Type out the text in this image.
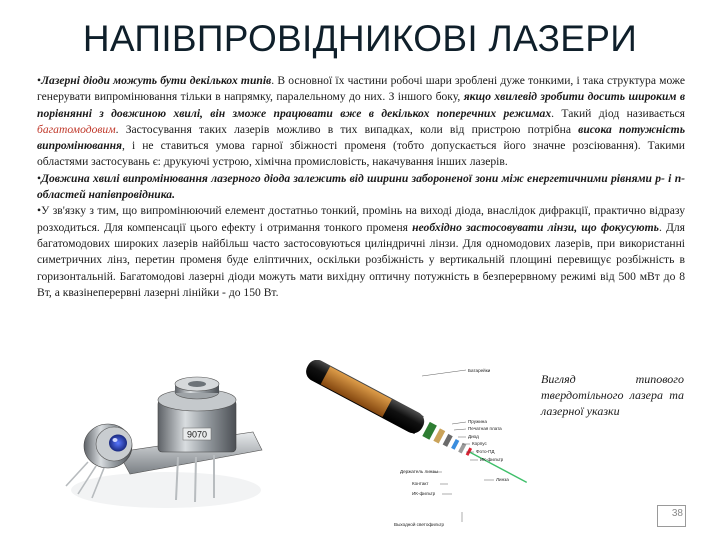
НАПІВПРОВІДНИКОВІ ЛАЗЕРИ

•Лазерні діоди можуть бути декількох типів. В основної їх частини робочі шари зроблені дуже тонкими, і така структура може генерувати випромінювання тільки в напрямку, паралельному до них. З іншого боку, якщо хвилевід зробити досить широким в порівнянні з довжиною хвилі, він зможе працювати вже в декількох поперечних режимах. Такий діод називається багатомодовим. Застосування таких лазерів можливо в тих випадках, коли від пристрою потрібна висока потужність випромінювання, і не ставиться умова гарної збіжності променя (тобто допускається його значне розсіювання). Такими областями застосувань є: друкуючі устрою, хімічна промисловість, накачування інших лазерів.

•Довжина хвилі випромінювання лазерного діода залежить від ширини забороненої зони між енергетичними рівнями p- і n-областей напівпровідника.

•У зв'язку з тим, що випромінюючий елемент достатньо тонкий, промінь на виході діода, внаслідок дифракції, практично відразу розходиться. Для компенсації цього ефекту і отримання тонкого променя необхідно застосовувати лінзи, що фокусують. Для багатомодових широких лазерів найбільш часто застосовуються циліндричні лінзи. Для одномодових лазерів, при використанні симетричних лінз, перетин променя буде еліптичних, оскільки розбіжність у вертикальній площині перевищує розбіжність в горизонтальній. Багатомодові лазерні діоди можуть мати вихідну оптичну потужність в безперервному режимі від 500 мВт до 8 Вт, а квазінеперервні лазерні лінійки - до 150 Вт.

9070
Батарейки
Пружина
Печатная плата
Диод
Корпус
Фото-ПД
ИК-фильтр
Держатель линзы
Линза
Контакт
ИК-фильтр
Выходной светофильтр
Вигляд типового твердотільного лазера та лазерної указки
38
